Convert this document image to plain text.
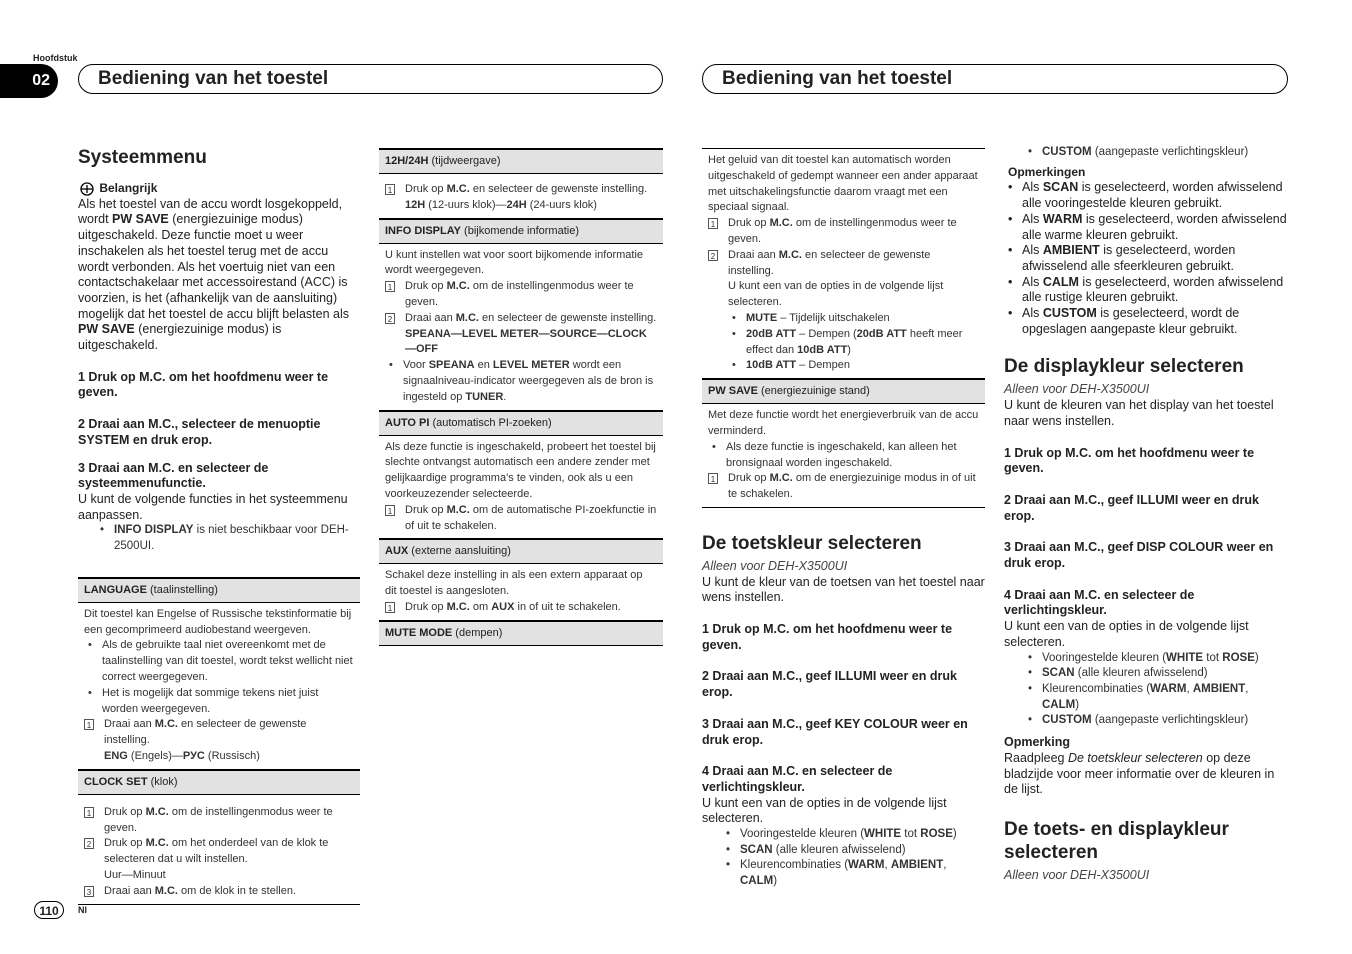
Hoofdstuk
02	Bediening van het toestel	Bediening van het toestel
Systeemmenu
Belangrijk

Als het toestel van de accu wordt losgekoppeld, wordt PW SAVE (energiezuinige modus) uitgeschakeld. Deze functie moet u weer inschakelen als het toestel terug met de accu wordt verbonden. Als het voertuig niet van een contactschakelaar met accessoirestand (ACC) is voorzien, is het (afhankelijk van de aansluiting) mogelijk dat het toestel de accu blijft belasten als PW SAVE (energiezuinige modus) is uitgeschakeld.

1 Druk op M.C. om het hoofdmenu weer te geven.

2 Draai aan M.C., selecteer de menuoptie SYSTEM en druk erop.

3 Draai aan M.C. en selecteer de systeemmenufunctie.

U kunt de volgende functies in het systeemmenu aanpassen.

• INFO DISPLAY is niet beschikbaar voor DEH-2500UI.
LANGUAGE (taalinstelling)

Dit toestel kan Engelse of Russische tekstinformatie bij een gecomprimeerd audiobestand weergeven.

• Als de gebruikte taal niet overeenkomt met de taalinstelling van dit toestel, wordt tekst wellicht niet correct weergegeven.
• Het is mogelijk dat sommige tekens niet juist worden weergegeven.
1 Draai aan M.C. en selecteer de gewenste instelling.
ENG (Engels)—РУС (Russisch)
CLOCK SET (klok)
1 Druk op M.C. om de instellingenmodus weer te geven.
2 Druk op M.C. om het onderdeel van de klok te selecteren dat u wilt instellen.
Uur—Minuut
3 Draai aan M.C. om de klok in te stellen.
12H/24H (tijdweergave)
1 Druk op M.C. en selecteer de gewenste instelling.
12H (12-uurs klok)—24H (24-uurs klok)
INFO DISPLAY (bijkomende informatie)

U kunt instellen wat voor soort bijkomende informatie wordt weergegeven.

1 Druk op M.C. om de instellingenmodus weer te geven.
2 Draai aan M.C. en selecteer de gewenste instelling.
SPEANA—LEVEL METER—SOURCE—CLOCK—OFF
• Voor SPEANA en LEVEL METER wordt een signaalniveau-indicator weergegeven als de bron is ingesteld op TUNER.
AUTO PI (automatisch PI-zoeken)

Als deze functie is ingeschakeld, probeert het toestel bij slechte ontvangst automatisch een andere zender met gelijkaardige programma’s te vinden, ook als u een voorkeuzezender selecteerde.

1 Druk op M.C. om de automatische PI-zoekfunctie in of uit te schakelen.
AUX (externe aansluiting)

Schakel deze instelling in als een extern apparaat op dit toestel is aangesloten.

1 Druk op M.C. om AUX in of uit te schakelen.
MUTE MODE (dempen)

Het geluid van dit toestel kan automatisch worden uitgeschakeld of gedempt wanneer een ander apparaat met uitschakelingsfunctie daarom vraagt met een speciaal signaal.

1 Druk op M.C. om de instellingenmodus weer te geven.
2 Draai aan M.C. en selecteer de gewenste instelling.
U kunt een van de opties in de volgende lijst selecteren.
• MUTE – Tijdelijk uitschakelen
• 20dB ATT – Dempen (20dB ATT heeft meer effect dan 10dB ATT)
• 10dB ATT – Dempen
PW SAVE (energiezuinige stand)

Met deze functie wordt het energieverbruik van de accu verminderd.

• Als deze functie is ingeschakeld, kan alleen het bronsignaal worden ingeschakeld.
1 Druk op M.C. om de energiezuinige modus in of uit te schakelen.
De toetskleur selecteren

Alleen voor DEH-X3500UI

U kunt de kleur van de toetsen van het toestel naar wens instellen.

1 Druk op M.C. om het hoofdmenu weer te geven.

2 Draai aan M.C., geef ILLUMI weer en druk erop.

3 Draai aan M.C., geef KEY COLOUR weer en druk erop.

4 Draai aan M.C. en selecteer de verlichtingskleur.

U kunt een van de opties in de volgende lijst selecteren.

• Vooringestelde kleuren (WHITE tot ROSE)
• SCAN (alle kleuren afwisselend)
• Kleurencombinaties (WARM, AMBIENT, CALM)
• CUSTOM (aangepaste verlichtingskleur)

Opmerkingen

• Als SCAN is geselecteerd, worden afwisselend alle vooringestelde kleuren gebruikt.
• Als WARM is geselecteerd, worden afwisselend alle warme kleuren gebruikt.
• Als AMBIENT is geselecteerd, worden afwisselend alle sfeerkleuren gebruikt.
• Als CALM is geselecteerd, worden afwisselend alle rustige kleuren gebruikt.
• Als CUSTOM is geselecteerd, wordt de opgeslagen aangepaste kleur gebruikt.
De displaykleur selecteren

Alleen voor DEH-X3500UI

U kunt de kleuren van het display van het toestel naar wens instellen.

1 Druk op M.C. om het hoofdmenu weer te geven.

2 Draai aan M.C., geef ILLUMI weer en druk erop.

3 Draai aan M.C., geef DISP COLOUR weer en druk erop.

4 Draai aan M.C. en selecteer de verlichtingskleur.

U kunt een van de opties in de volgende lijst selecteren.

• Vooringestelde kleuren (WHITE tot ROSE)
• SCAN (alle kleuren afwisselend)
• Kleurencombinaties (WARM, AMBIENT, CALM)
• CUSTOM (aangepaste verlichtingskleur)

Opmerking

Raadpleeg De toetskleur selecteren op deze bladzijde voor meer informatie over de kleuren in de lijst.

De toets- en displaykleur selecteren

Alleen voor DEH-X3500UI

110	Nl
